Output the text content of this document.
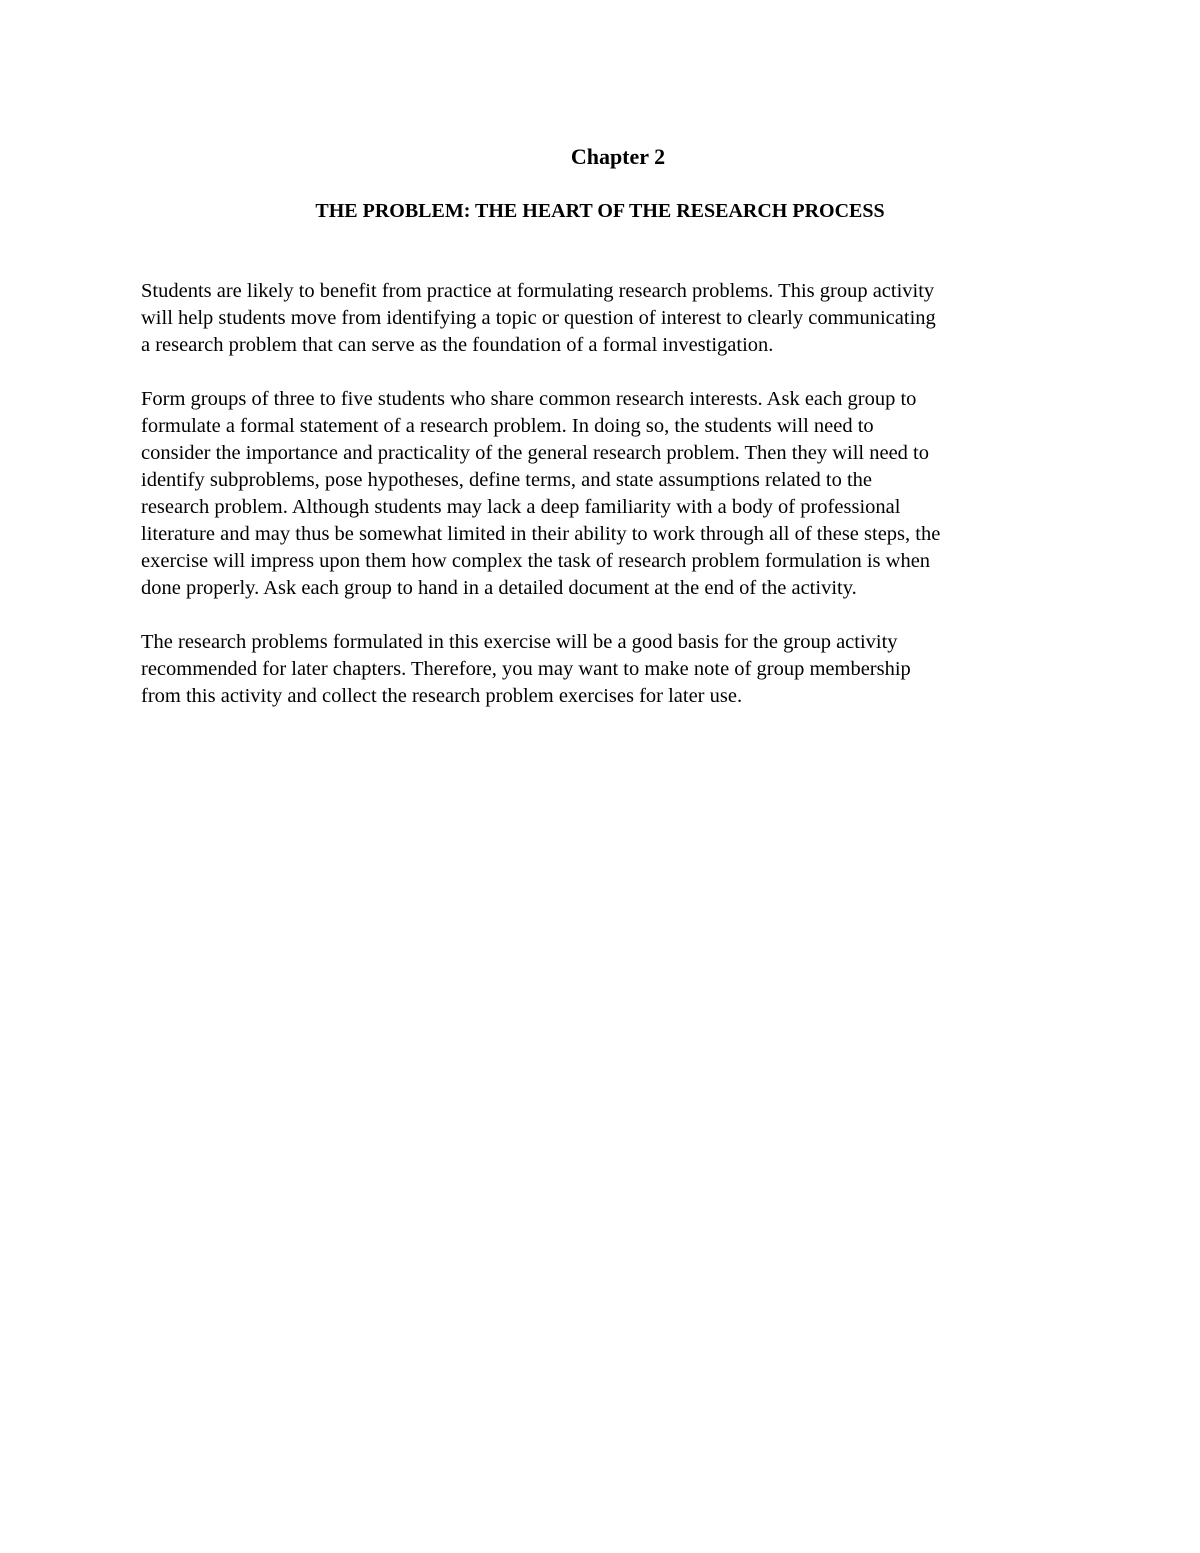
Chapter 2
THE PROBLEM: THE HEART OF THE RESEARCH PROCESS

Students are likely to benefit from practice at formulating research problems. This group activity
will help students move from identifying a topic or question of interest to clearly communicating
a research problem that can serve as the foundation of a formal investigation.

Form groups of three to five students who share common research interests. Ask each group to
formulate a formal statement of a research problem. In doing so, the students will need to
consider the importance and practicality of the general research problem. Then they will need to
identify subproblems, pose hypotheses, define terms, and state assumptions related to the
research problem. Although students may lack a deep familiarity with a body of professional
literature and may thus be somewhat limited in their ability to work through all of these steps, the
exercise will impress upon them how complex the task of research problem formulation is when
done properly. Ask each group to hand in a detailed document at the end of the activity.

The research problems formulated in this exercise will be a good basis for the group activity
recommended for later chapters. Therefore, you may want to make note of group membership
from this activity and collect the research problem exercises for later use.
